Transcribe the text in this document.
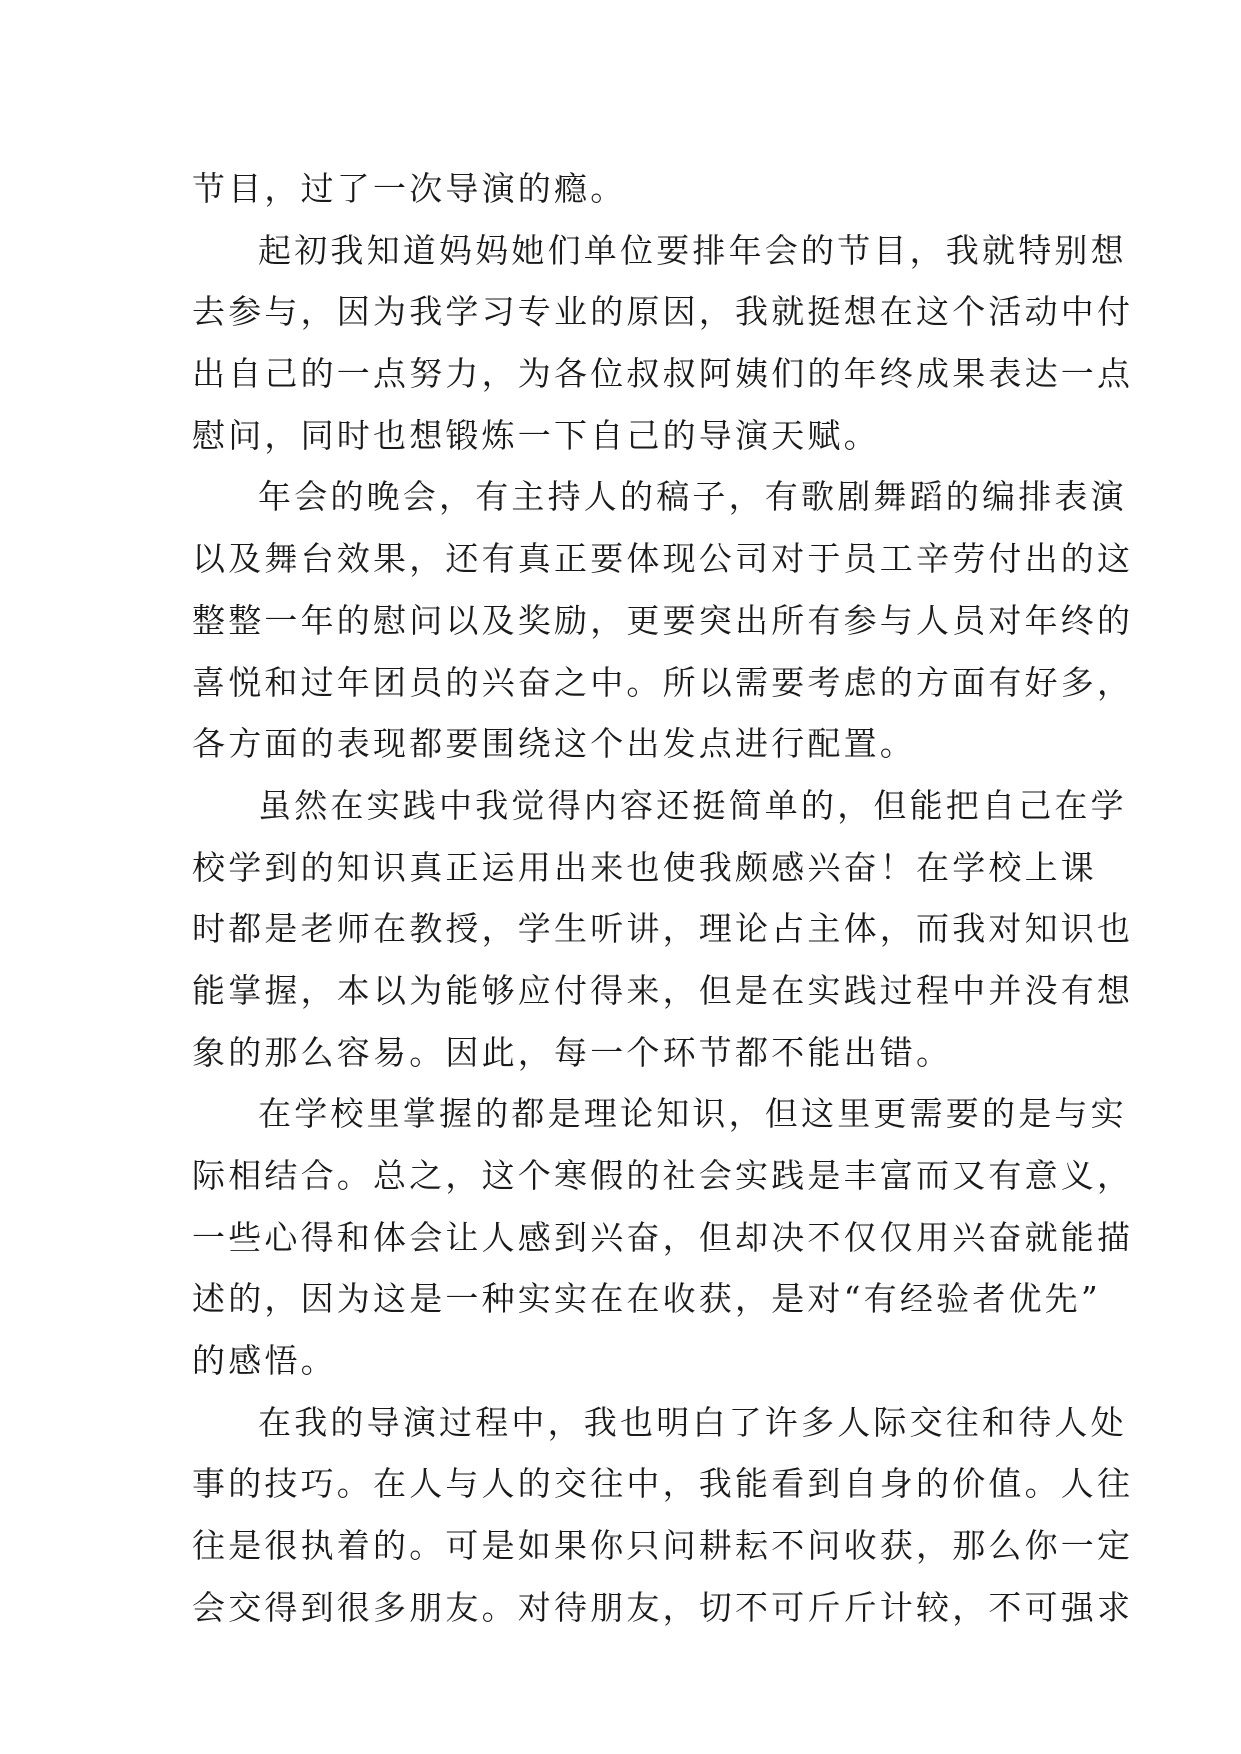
节目，过了一次导演的瘾。
起初我知道妈妈她们单位要排年会的节目，我就特别想
去参与，因为我学习专业的原因，我就挺想在这个活动中付
出自己的一点努力，为各位叔叔阿姨们的年终成果表达一点
慰问，同时也想锻炼一下自己的导演天赋。
年会的晚会，有主持人的稿子，有歌剧舞蹈的编排表演
以及舞台效果，还有真正要体现公司对于员工辛劳付出的这
整整一年的慰问以及奖励，更要突出所有参与人员对年终的
喜悦和过年团员的兴奋之中。所以需要考虑的方面有好多，
各方面的表现都要围绕这个出发点进行配置。
虽然在实践中我觉得内容还挺简单的，但能把自己在学
校学到的知识真正运用出来也使我颇感兴奋！在学校上课
时都是老师在教授，学生听讲，理论占主体，而我对知识也
能掌握，本以为能够应付得来，但是在实践过程中并没有想
象的那么容易。因此，每一个环节都不能出错。
在学校里掌握的都是理论知识，但这里更需要的是与实
际相结合。总之，这个寒假的社会实践是丰富而又有意义，
一些心得和体会让人感到兴奋，但却决不仅仅用兴奋就能描
述的，因为这是一种实实在在收获，是对“有经验者优先”
的感悟。
在我的导演过程中，我也明白了许多人际交往和待人处
事的技巧。在人与人的交往中，我能看到自身的价值。人往
往是很执着的。可是如果你只问耕耘不问收获，那么你一定
会交得到很多朋友。对待朋友，切不可斤斤计较，不可强求
